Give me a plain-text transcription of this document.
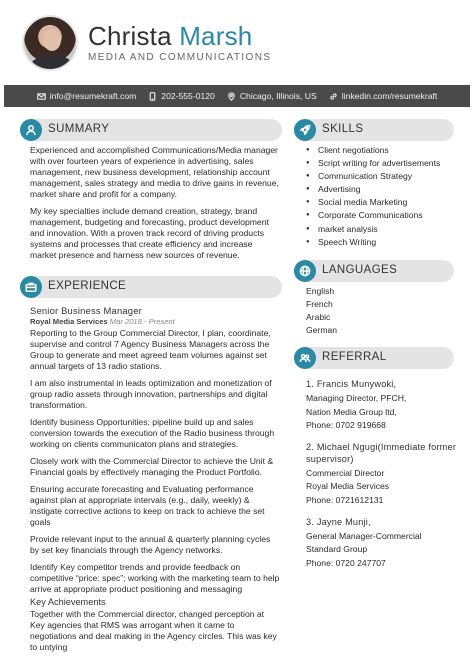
Christa Marsh
MEDIA AND COMMUNICATIONS
info@resumekraft.com	202-555-0120	Chicago, Illinois, US	linkedin.com/resumekraft
SUMMARY

Experienced and accomplished Communications/Media manager with over fourteen years of experience in advertising, sales management, new business development, relationship account management, sales strategy and media to drive gains in revenue, market share and profit for a company.

My key specialties include demand creation, strategy, brand management, budgeting and forecasting, product development and innovation. With a proven track record of driving products systems and processes that create efficiency and increase market presence and harness new sources of revenue.

EXPERIENCE
Senior Business Manager
Royal Media Services Mar 2018 - Present

Reporting to the Group Commercial Director, I plan, coordinate, supervise and control 7 Agency Business Managers across the Group to generate and meet agreed team volumes against set annual targets of 13 radio stations.

I am also instrumental in leads optimization and monetization of group radio assets through innovation, partnerships and digital transformation.

Identify business Opportunities; pipeline build up and sales conversion towards the execution of the Radio business through working on clients communicaton plans and strategies.

Closely work with the Commercial Director to achieve the Unit & Financial goals by effectively managing the Product Portfolio.

Ensuring accurate forecasting and Evaluating performance against plan at appropriate intervals (e.g., daily, weekly) & instigate corrective actions to keep on track to achieve the set goals

Provide relevant input to the annual & quarterly planning cycles by set key financials through the Agency networks.

Identify Key competitor trends and provide feedback on competitive “price: spec”; working with the marketing team to help arrive at appropriate product positioning and messaging

Key Achievements

Together with the Commercial director, changed perception at Key agencies that RMS was arrogant when it came to negotiations and deal making in the Agency circles. This was key to untying

SKILLS
● Client negotiations
● Script writing for advertisements
● Communication Strategy
● Advertising
● Social media Marketing
● Corporate Communications
● market analysis
● Speech Writing
LANGUAGES
English
French
Arabic
German
REFERRAL
1. Francis Munywoki,
Managing Director, PFCH,
Nation Media Group ltd,
Phone: 0702 919668
2. Michael Ngugi(Immediate former supervisor)
Commercial Director
Royal Media Services
Phone: 0721612131
3. Jayne Munji,
General Manager-Commercial
Standard Group
Phone: 0720 247707
